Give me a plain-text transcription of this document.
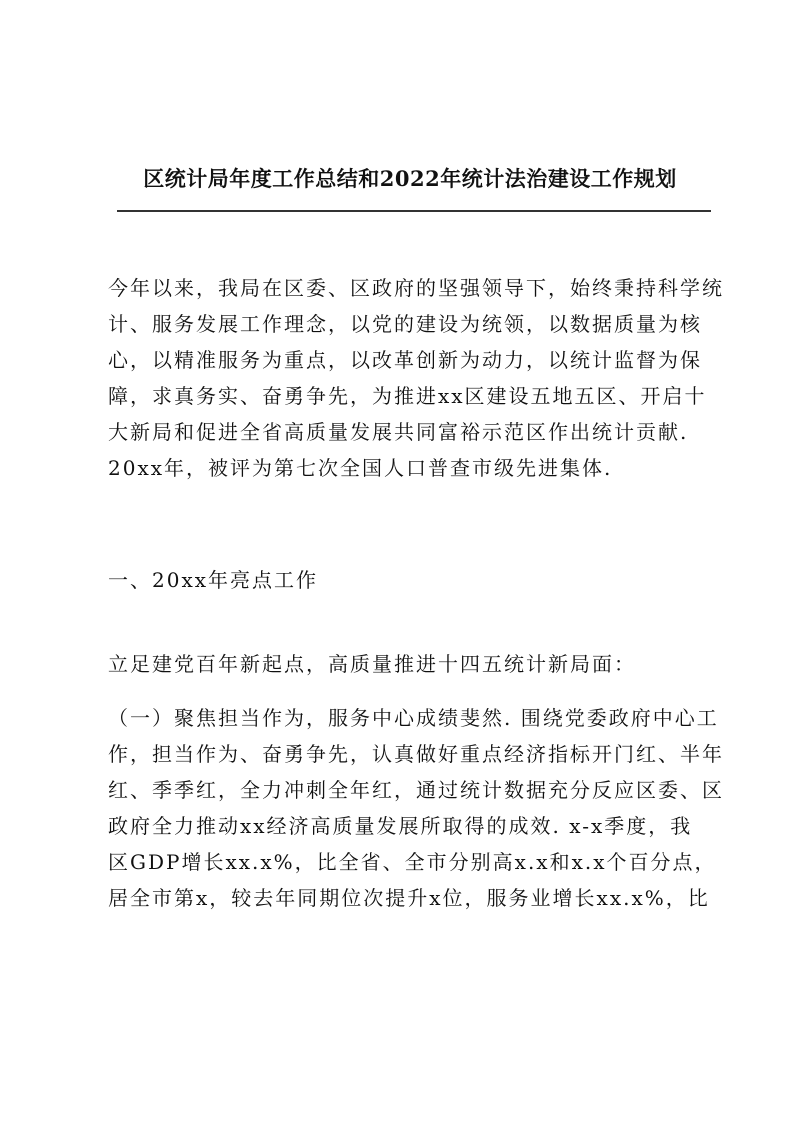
区统计局年度工作总结和2022年统计法治建设工作规划
今年以来，我局在区委、区政府的坚强领导下，始终秉持科学统
计、服务发展工作理念，以党的建设为统领，以数据质量为核
心，以精准服务为重点，以改革创新为动力，以统计监督为保
障，求真务实、奋勇争先，为推进xx区建设五地五区、开启十
大新局和促进全省高质量发展共同富裕示范区作出统计贡献.
20xx年，被评为第七次全国人口普查市级先进集体.
一、20xx年亮点工作
立足建党百年新起点，高质量推进十四五统计新局面：
（一）聚焦担当作为，服务中心成绩斐然. 围绕党委政府中心工
作，担当作为、奋勇争先，认真做好重点经济指标开门红、半年
红、季季红，全力冲刺全年红，通过统计数据充分反应区委、区
政府全力推动xx经济高质量发展所取得的成效. x-x季度，我
区GDP增长xx.x%，比全省、全市分别高x.x和x.x个百分点，
居全市第x，较去年同期位次提升x位，服务业增长xx.x%，比
